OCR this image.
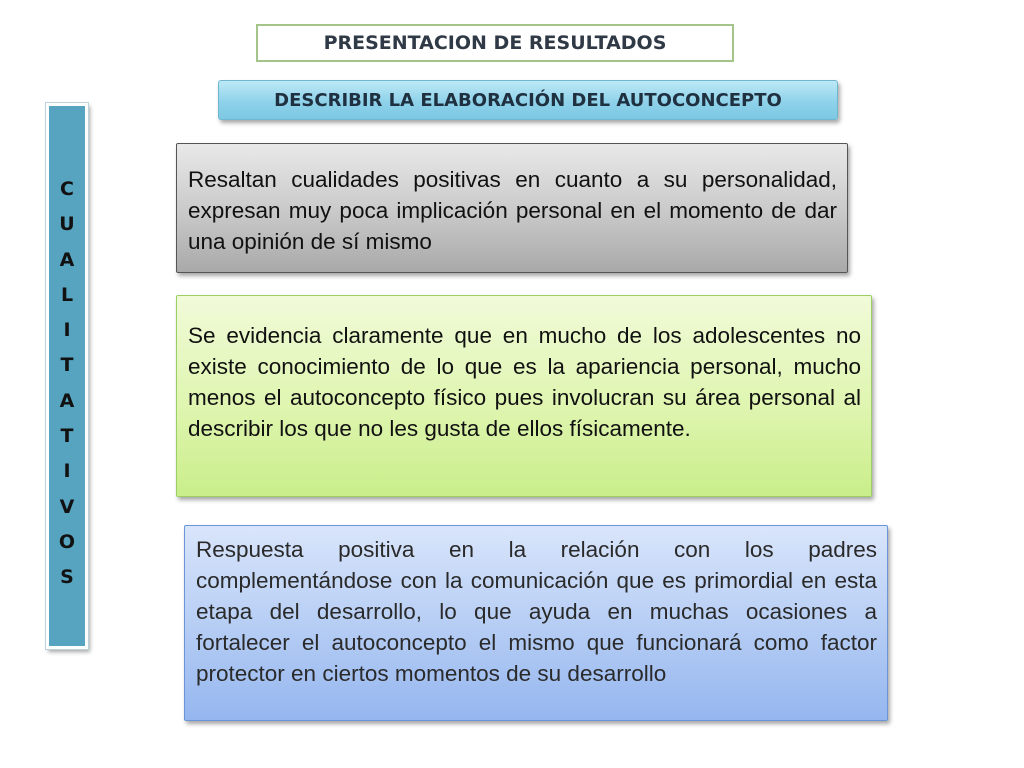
PRESENTACION DE RESULTADOS
DESCRIBIR LA ELABORACIÓN DEL AUTOCONCEPTO
C
U
A
L
I
T
A
T
I
V
O
S

Resaltan cualidades positivas en cuanto a su personalidad, expresan muy poca implicación personal en el momento de dar una opinión de sí mismo

Se evidencia claramente que en mucho de los adolescentes no existe conocimiento de lo que es la apariencia personal, mucho menos el autoconcepto físico pues involucran su área personal al describir los que no les gusta de ellos físicamente.

Respuesta positiva en la relación con los padres complementándose con la comunicación que es primordial en esta etapa del desarrollo, lo que ayuda en muchas ocasiones a fortalecer el autoconcepto el mismo que funcionará como factor protector en ciertos momentos de su desarrollo
